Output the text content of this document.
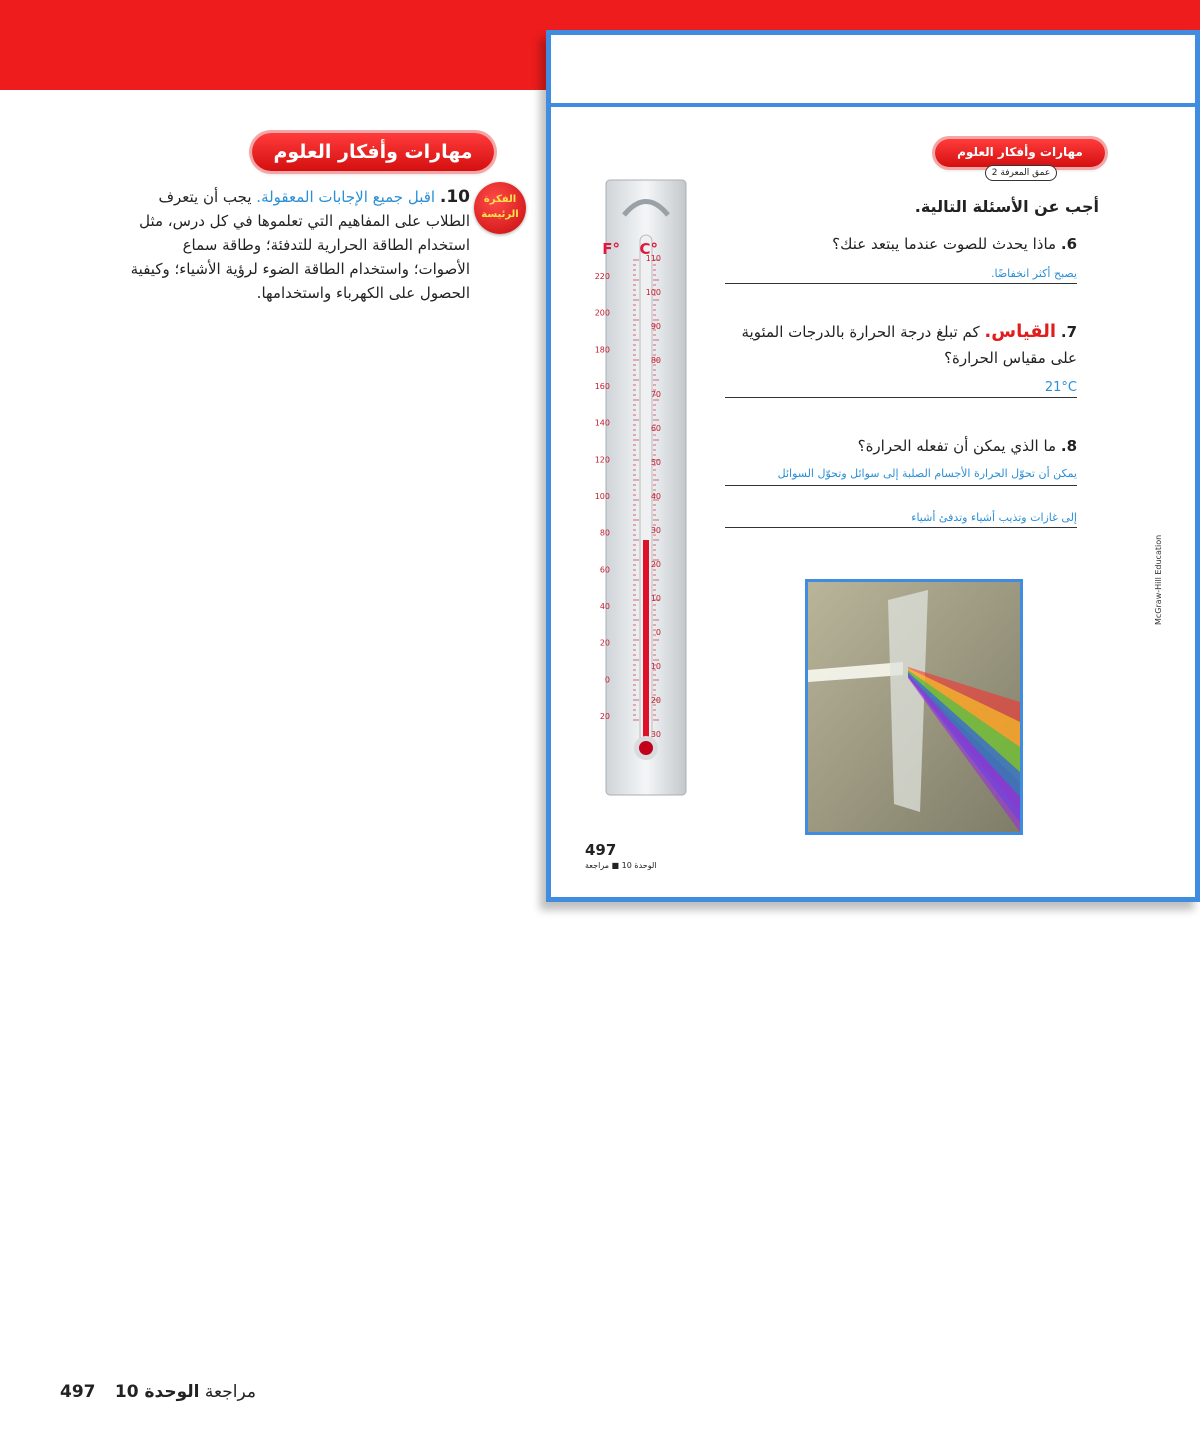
مهارات وأفكار العلوم
الفكرة
الرئيسة
10. اقبل جميع الإجابات المعقولة. يجب أن يتعرف الطلاب على المفاهيم التي تعلموها في كل درس، مثل استخدام الطاقة الحرارية للتدفئة؛ وطاقة سماع الأصوات؛ واستخدام الطاقة الضوء لرؤية الأشياء؛ وكيفية الحصول على الكهرباء واستخدامها.
مهارات وأفكار العلوم
عمق المعرفة 2
أجب عن الأسئلة التالية.
6. ماذا يحدث للصوت عندما يبتعد عنك؟
يصبح أكثر انخفاضًا.
7. القياس. كم تبلغ درجة الحرارة بالدرجات المئوية على مقياس الحرارة؟
21°C
8. ما الذي يمكن أن تفعله الحرارة؟
يمكن أن تحوّل الحرارة الأجسام الصلبة إلى سوائل وتحوّل السوائل
إلى غازات وتذيب أشياء وتدفئ أشياء
220
200
180
160
140
120
100
80
60
40
20
0
20
110
100
90
80
70
60
50
40
30
20
10
0
10
20
30
°F °C
497
الوحدة 10 ■ مراجعة
McGraw-Hill Education
497	مراجعة الوحدة 10
